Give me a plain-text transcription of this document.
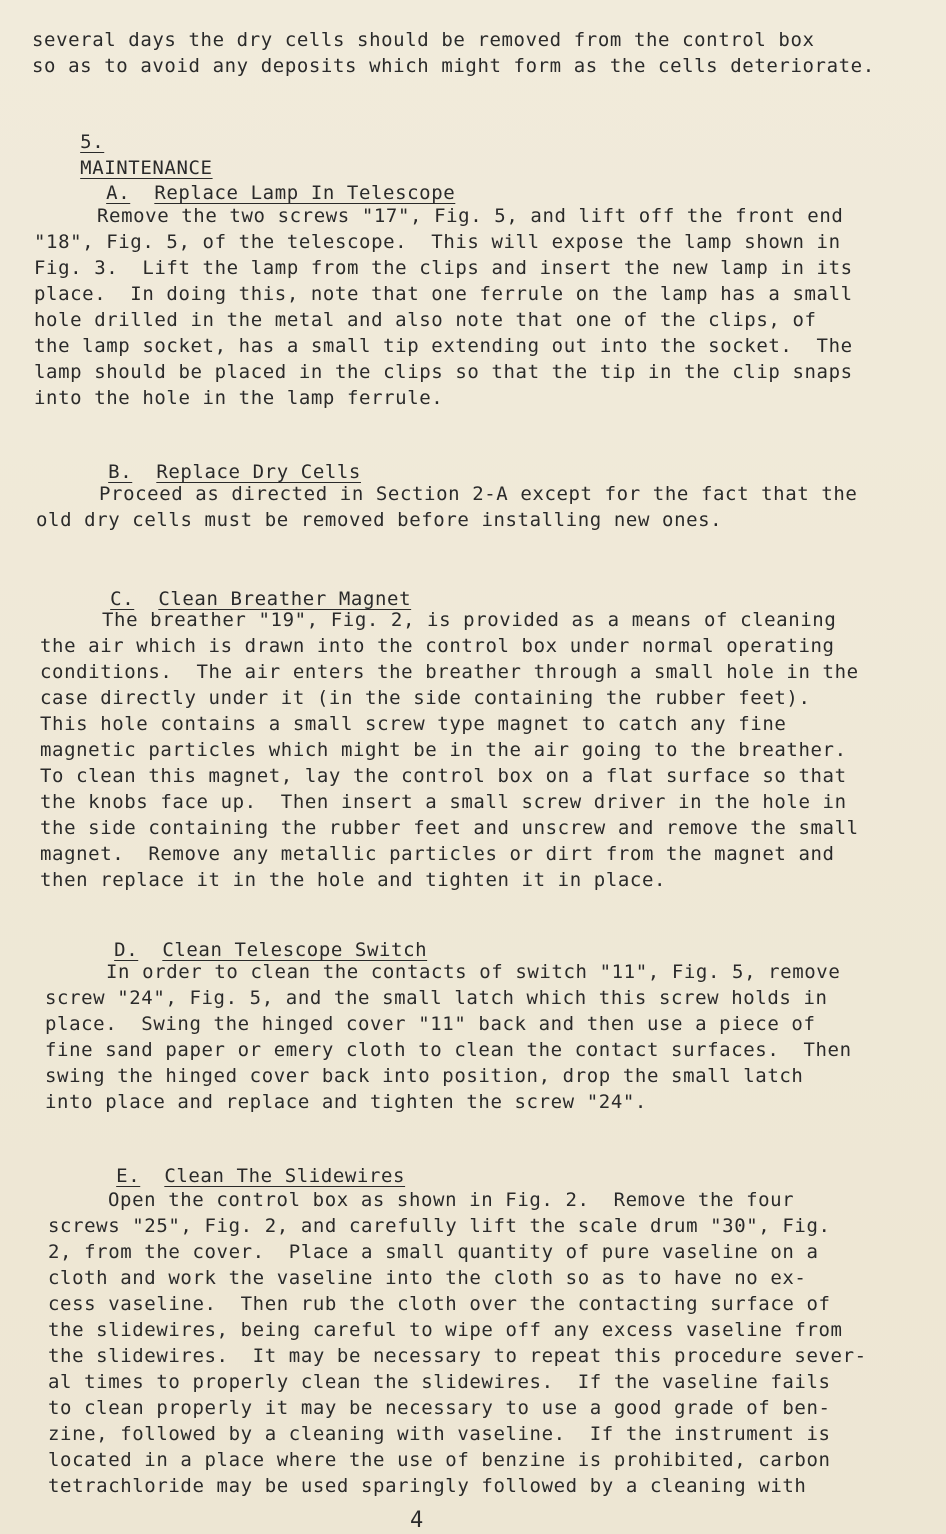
several days the dry cells should be removed from the control box
so as to avoid any deposits which might form as the cells deteriorate.

5.
MAINTENANCE

A. Replace Lamp In Telescope

Remove the two screws "17", Fig. 5, and lift off the front end
"18", Fig. 5, of the telescope.  This will expose the lamp shown in
Fig. 3.  Lift the lamp from the clips and insert the new lamp in its
place.  In doing this, note that one ferrule on the lamp has a small
hole drilled in the metal and also note that one of the clips, of
the lamp socket, has a small tip extending out into the socket.  The
lamp should be placed in the clips so that the tip in the clip snaps
into the hole in the lamp ferrule.

B. Replace Dry Cells

Proceed as directed in Section 2-A except for the fact that the
old dry cells must be removed before installing new ones.

C. Clean Breather Magnet

The breather "19", Fig. 2, is provided as a means of cleaning
the air which is drawn into the control box under normal operating
conditions.  The air enters the breather through a small hole in the
case directly under it (in the side containing the rubber feet).
This hole contains a small screw type magnet to catch any fine
magnetic particles which might be in the air going to the breather.
To clean this magnet, lay the control box on a flat surface so that
the knobs face up.  Then insert a small screw driver in the hole in
the side containing the rubber feet and unscrew and remove the small
magnet.  Remove any metallic particles or dirt from the magnet and
then replace it in the hole and tighten it in place.

D. Clean Telescope Switch

In order to clean the contacts of switch "11", Fig. 5, remove
screw "24", Fig. 5, and the small latch which this screw holds in
place.  Swing the hinged cover "11" back and then use a piece of
fine sand paper or emery cloth to clean the contact surfaces.  Then
swing the hinged cover back into position, drop the small latch
into place and replace and tighten the screw "24".

E. Clean The Slidewires

Open the control box as shown in Fig. 2.  Remove the four
screws "25", Fig. 2, and carefully lift the scale drum "30", Fig.
2, from the cover.  Place a small quantity of pure vaseline on a
cloth and work the vaseline into the cloth so as to have no ex-
cess vaseline.  Then rub the cloth over the contacting surface of
the slidewires, being careful to wipe off any excess vaseline from
the slidewires.  It may be necessary to repeat this procedure sever-
al times to properly clean the slidewires.  If the vaseline fails
to clean properly it may be necessary to use a good grade of ben-
zine, followed by a cleaning with vaseline.  If the instrument is
located in a place where the use of benzine is prohibited, carbon
tetrachloride may be used sparingly followed by a cleaning with
4
